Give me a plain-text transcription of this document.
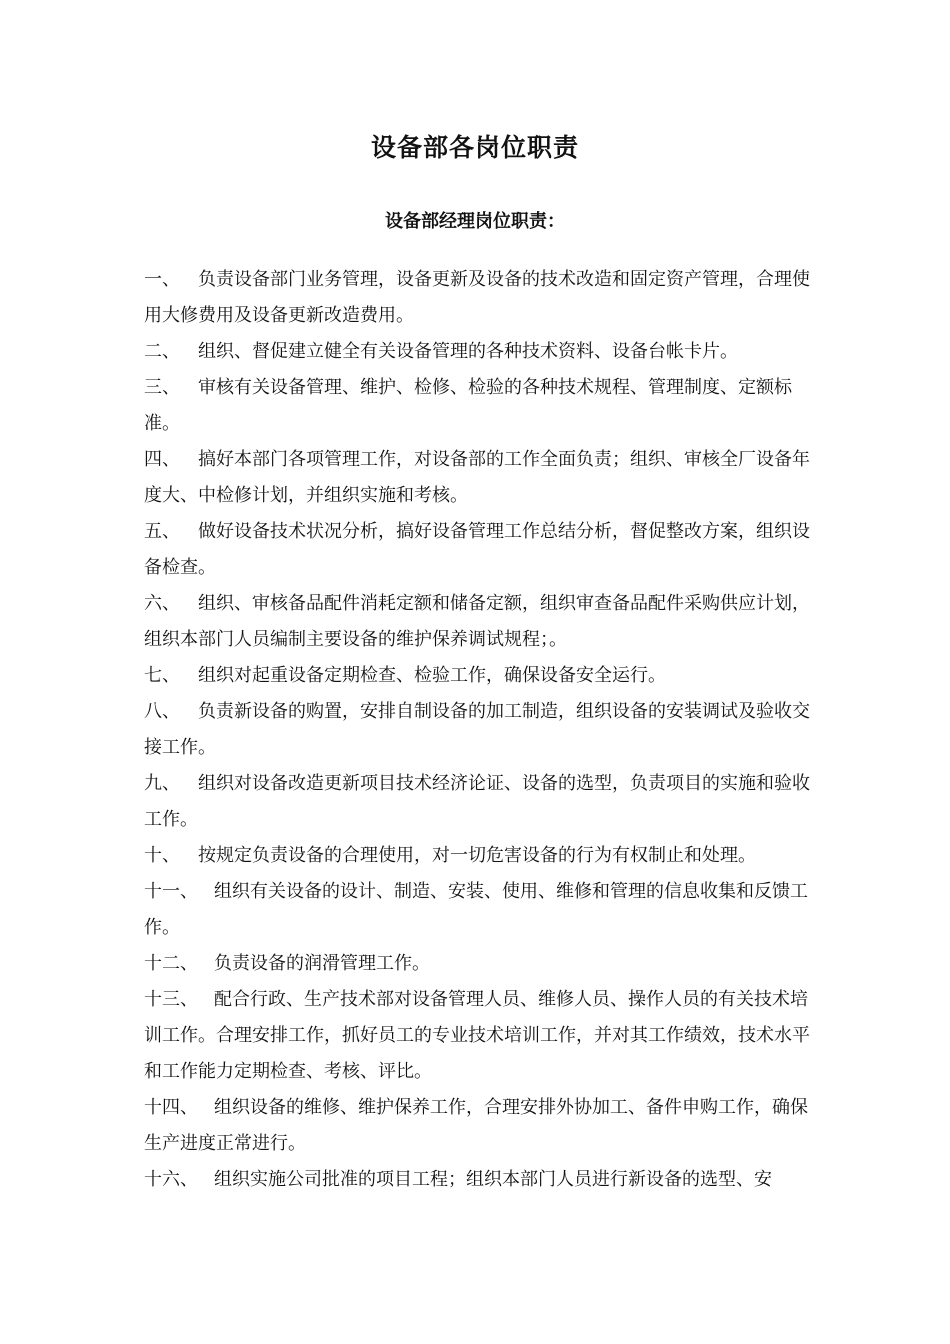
设备部各岗位职责
设备部经理岗位职责：
一、 负责设备部门业务管理，设备更新及设备的技术改造和固定资产管理，合理使用大修费用及设备更新改造费用。
二、 组织、督促建立健全有关设备管理的各种技术资料、设备台帐卡片。
三、 审核有关设备管理、维护、检修、检验的各种技术规程、管理制度、定额标准。
四、 搞好本部门各项管理工作，对设备部的工作全面负责；组织、审核全厂设备年度大、中检修计划，并组织实施和考核。
五、 做好设备技术状况分析，搞好设备管理工作总结分析，督促整改方案，组织设备检查。
六、 组织、审核备品配件消耗定额和储备定额，组织审查备品配件采购供应计划，组织本部门人员编制主要设备的维护保养调试规程；。
七、 组织对起重设备定期检查、检验工作，确保设备安全运行。
八、 负责新设备的购置，安排自制设备的加工制造，组织设备的安装调试及验收交接工作。
九、 组织对设备改造更新项目技术经济论证、设备的选型，负责项目的实施和验收工作。
十、 按规定负责设备的合理使用，对一切危害设备的行为有权制止和处理。
十一、 组织有关设备的设计、制造、安装、使用、维修和管理的信息收集和反馈工作。
十二、 负责设备的润滑管理工作。
十三、 配合行政、生产技术部对设备管理人员、维修人员、操作人员的有关技术培训工作。合理安排工作，抓好员工的专业技术培训工作，并对其工作绩效，技术水平和工作能力定期检查、考核、评比。
十四、 组织设备的维修、维护保养工作，合理安排外协加工、备件申购工作，确保生产进度正常进行。
十六、 组织实施公司批准的项目工程；组织本部门人员进行新设备的选型、安
